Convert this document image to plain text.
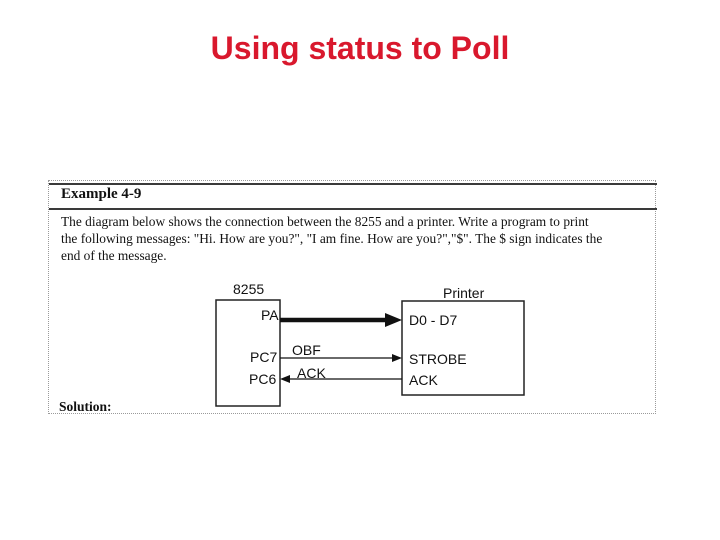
Using status to Poll
Example 4-9
The diagram below shows the connection between the 8255 and a printer. Write a program to print
the following messages: "Hi. How are you?", "I am fine. How are you?","$". The $ sign indicates the
end of the message.
8255
PA
PC7
PC6
Printer
D0 - D7
STROBE
ACK
OBF
ACK
Solution:
